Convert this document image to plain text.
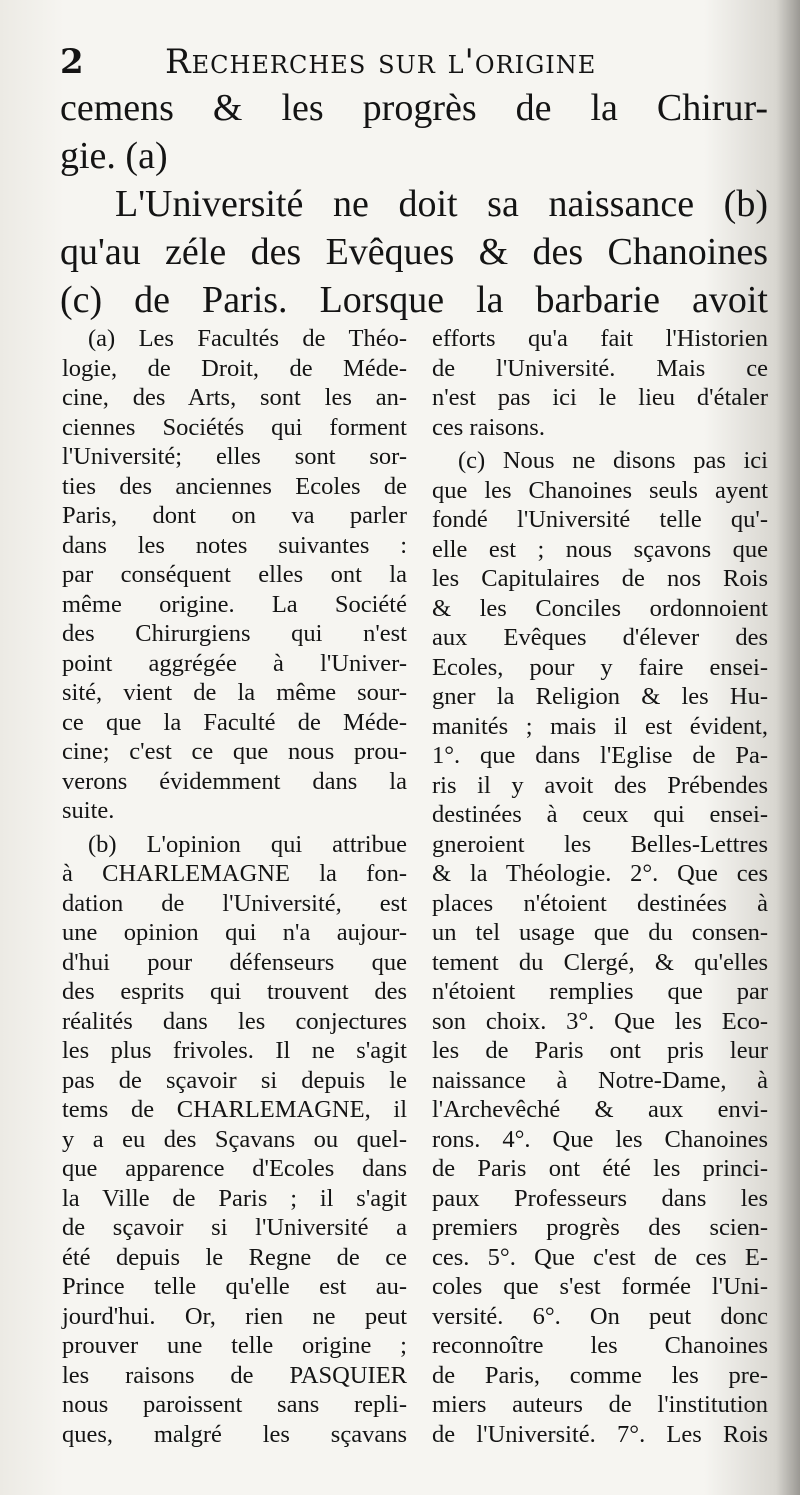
2 Recherches sur l'origine
cemens & les progrès de la Chirur-
gie. (a)
L'Université ne doit sa naissance (b)
qu'au zéle des Evêques & des Chanoines
(c) de Paris. Lorsque la barbarie avoit
(a) Les Facultés de Théo-
logie, de Droit, de Méde-
cine, des Arts, sont les an-
ciennes Sociétés qui forment
l'Université; elles sont sor-
ties des anciennes Ecoles de
Paris, dont on va parler
dans les notes suivantes :
par conséquent elles ont la
même origine. La Société
des Chirurgiens qui n'est
point aggrégée à l'Univer-
sité, vient de la même sour-
ce que la Faculté de Méde-
cine; c'est ce que nous prou-
verons évidemment dans la
suite.
(b) L'opinion qui attribue
à CHARLEMAGNE la fon-
dation de l'Université, est
une opinion qui n'a aujour-
d'hui pour défenseurs que
des esprits qui trouvent des
réalités dans les conjectures
les plus frivoles. Il ne s'agit
pas de sçavoir si depuis le
tems de CHARLEMAGNE, il
y a eu des Sçavans ou quel-
que apparence d'Ecoles dans
la Ville de Paris ; il s'agit
de sçavoir si l'Université a
été depuis le Regne de ce
Prince telle qu'elle est au-
jourd'hui. Or, rien ne peut
prouver une telle origine ;
les raisons de PASQUIER
nous paroissent sans repli-
ques, malgré les sçavans
efforts qu'a fait l'Historien
de l'Université. Mais ce
n'est pas ici le lieu d'étaler
ces raisons.
(c) Nous ne disons pas ici
que les Chanoines seuls ayent
fondé l'Université telle qu'-
elle est ; nous sçavons que
les Capitulaires de nos Rois
& les Conciles ordonnoient
aux Evêques d'élever des
Ecoles, pour y faire ensei-
gner la Religion & les Hu-
manités ; mais il est évident,
1°. que dans l'Eglise de Pa-
ris il y avoit des Prébendes
destinées à ceux qui ensei-
gneroient les Belles-Lettres
& la Théologie. 2°. Que ces
places n'étoient destinées à
un tel usage que du consen-
tement du Clergé, & qu'elles
n'étoient remplies que par
son choix. 3°. Que les Eco-
les de Paris ont pris leur
naissance à Notre-Dame, à
l'Archevêché & aux envi-
rons. 4°. Que les Chanoines
de Paris ont été les princi-
paux Professeurs dans les
premiers progrès des scien-
ces. 5°. Que c'est de ces E-
coles que s'est formée l'Uni-
versité. 6°. On peut donc
reconnoître les Chanoines
de Paris, comme les pre-
miers auteurs de l'institution
de l'Université. 7°. Les Rois
